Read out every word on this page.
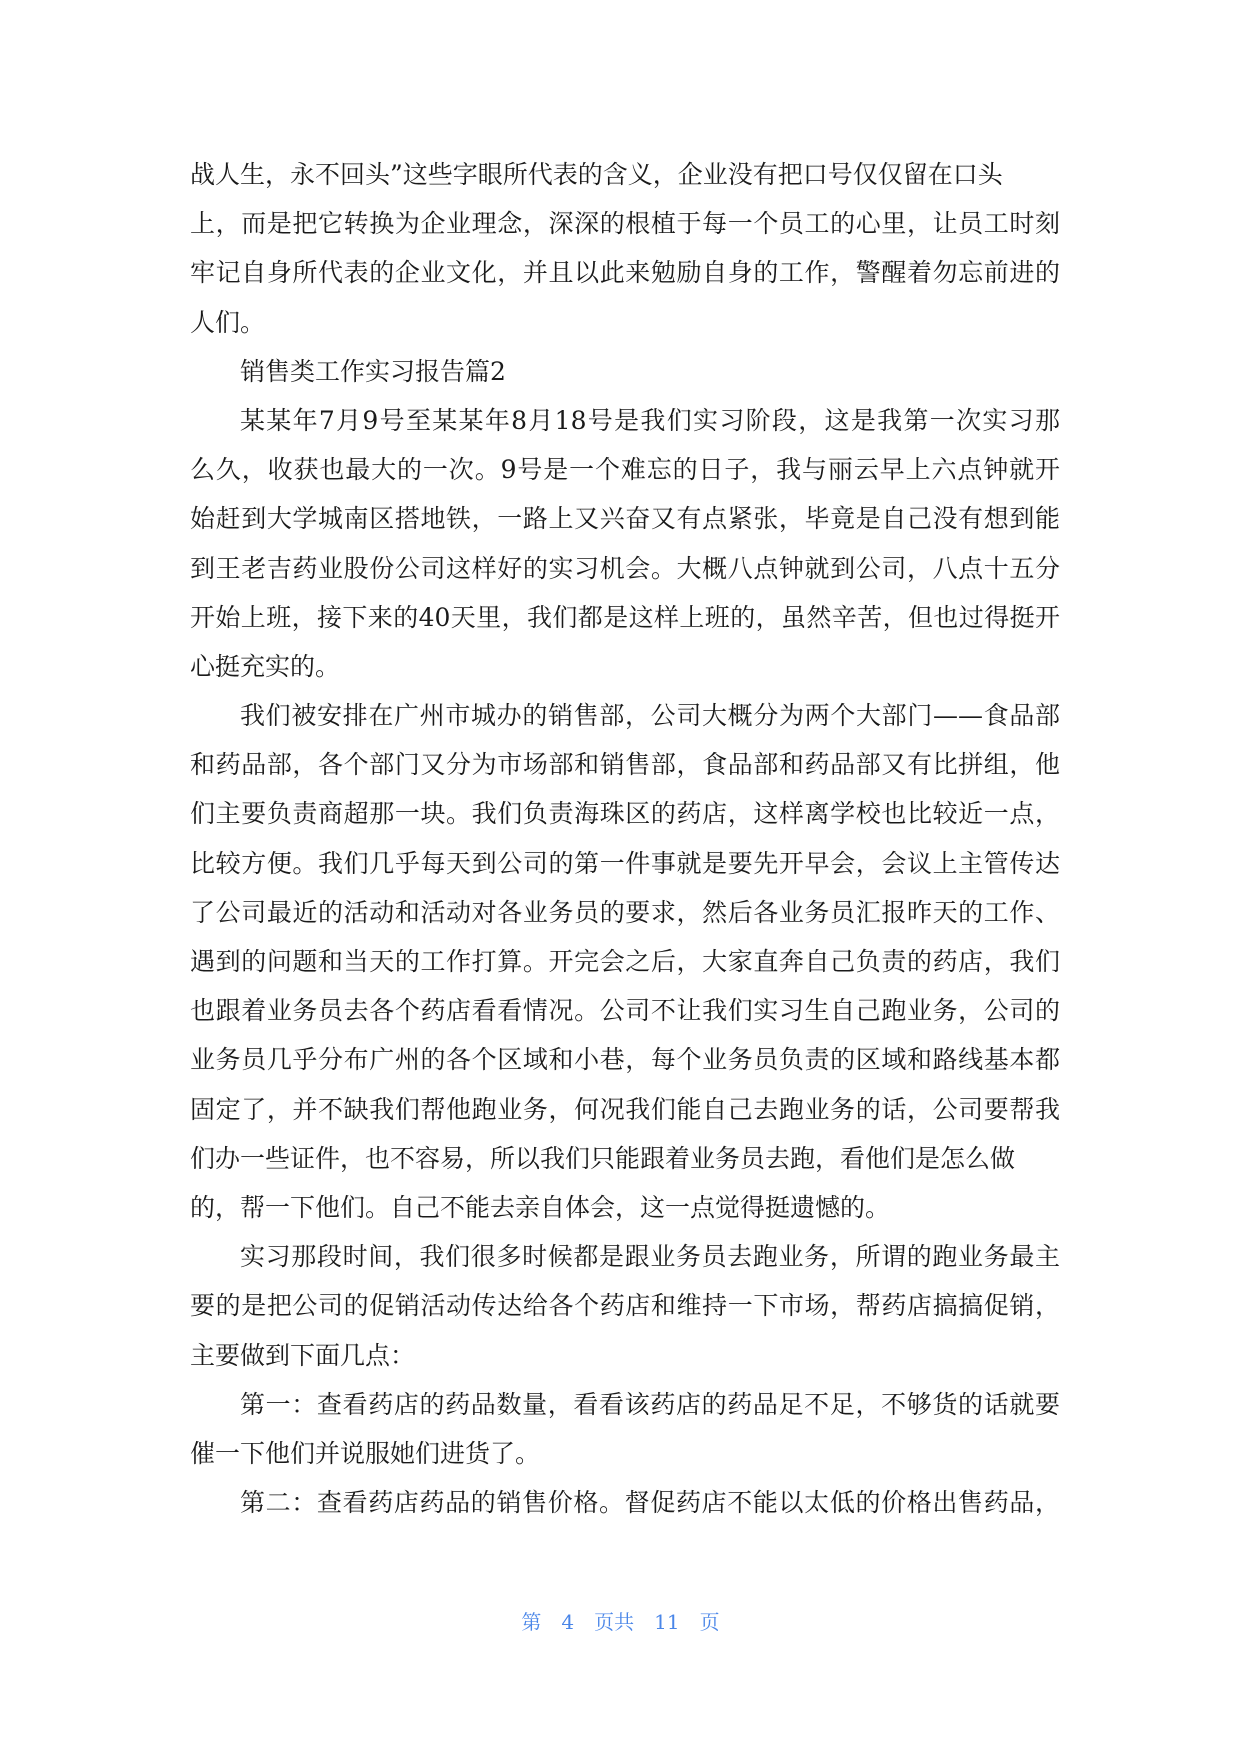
战人生，永不回头”这些字眼所代表的含义，企业没有把口号仅仅留在口头
上，而是把它转换为企业理念，深深的根植于每一个员工的心里，让员工时刻
牢记自身所代表的企业文化，并且以此来勉励自身的工作，警醒着勿忘前进的
人们。
销售类工作实习报告篇2
某某年7月9号至某某年8月18号是我们实习阶段，这是我第一次实习那
么久，收获也最大的一次。9号是一个难忘的日子，我与丽云早上六点钟就开
始赶到大学城南区搭地铁，一路上又兴奋又有点紧张，毕竟是自己没有想到能
到王老吉药业股份公司这样好的实习机会。大概八点钟就到公司，八点十五分
开始上班，接下来的40天里，我们都是这样上班的，虽然辛苦，但也过得挺开
心挺充实的。
我们被安排在广州市城办的销售部，公司大概分为两个大部门——食品部
和药品部，各个部门又分为市场部和销售部，食品部和药品部又有比拼组，他
们主要负责商超那一块。我们负责海珠区的药店，这样离学校也比较近一点，
比较方便。我们几乎每天到公司的第一件事就是要先开早会，会议上主管传达
了公司最近的活动和活动对各业务员的要求，然后各业务员汇报昨天的工作、
遇到的问题和当天的工作打算。开完会之后，大家直奔自己负责的药店，我们
也跟着业务员去各个药店看看情况。公司不让我们实习生自己跑业务，公司的
业务员几乎分布广州的各个区域和小巷，每个业务员负责的区域和路线基本都
固定了，并不缺我们帮他跑业务，何况我们能自己去跑业务的话，公司要帮我
们办一些证件，也不容易，所以我们只能跟着业务员去跑，看他们是怎么做
的，帮一下他们。自己不能去亲自体会，这一点觉得挺遗憾的。
实习那段时间，我们很多时候都是跟业务员去跑业务，所谓的跑业务最主
要的是把公司的促销活动传达给各个药店和维持一下市场，帮药店搞搞促销，
主要做到下面几点：
第一：查看药店的药品数量，看看该药店的药品足不足，不够货的话就要
催一下他们并说服她们进货了。
第二：查看药店药品的销售价格。督促药店不能以太低的价格出售药品，
第 4 页共 11 页
